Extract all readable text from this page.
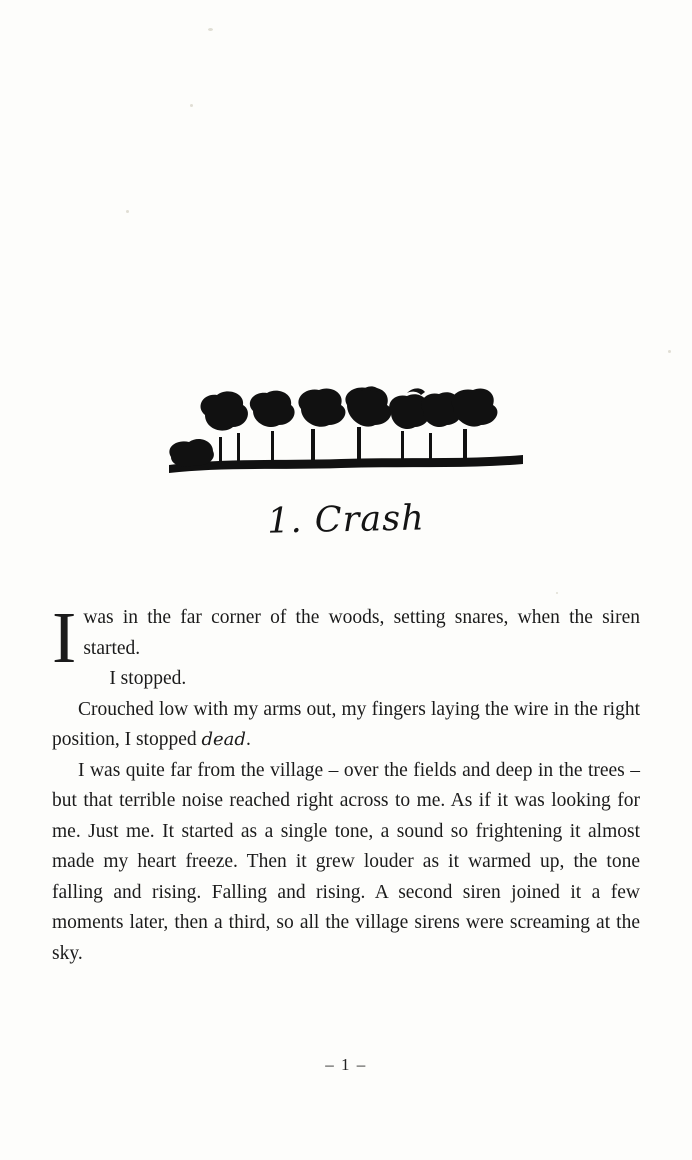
1. Crash

Iwas in the far corner of the woods, setting snares, when the siren started.

I stopped.

Crouched low with my arms out, my fingers laying the wire in the right position, I stopped dead.

I was quite far from the village – over the fields and deep in the trees – but that terrible noise reached right across to me. As if it was looking for me. Just me. It started as a single tone, a sound so frightening it almost made my heart freeze. Then it grew louder as it warmed up, the tone falling and rising. Falling and rising. A second siren joined it a few moments later, then a third, so all the village sirens were screaming at the sky.

– 1 –
